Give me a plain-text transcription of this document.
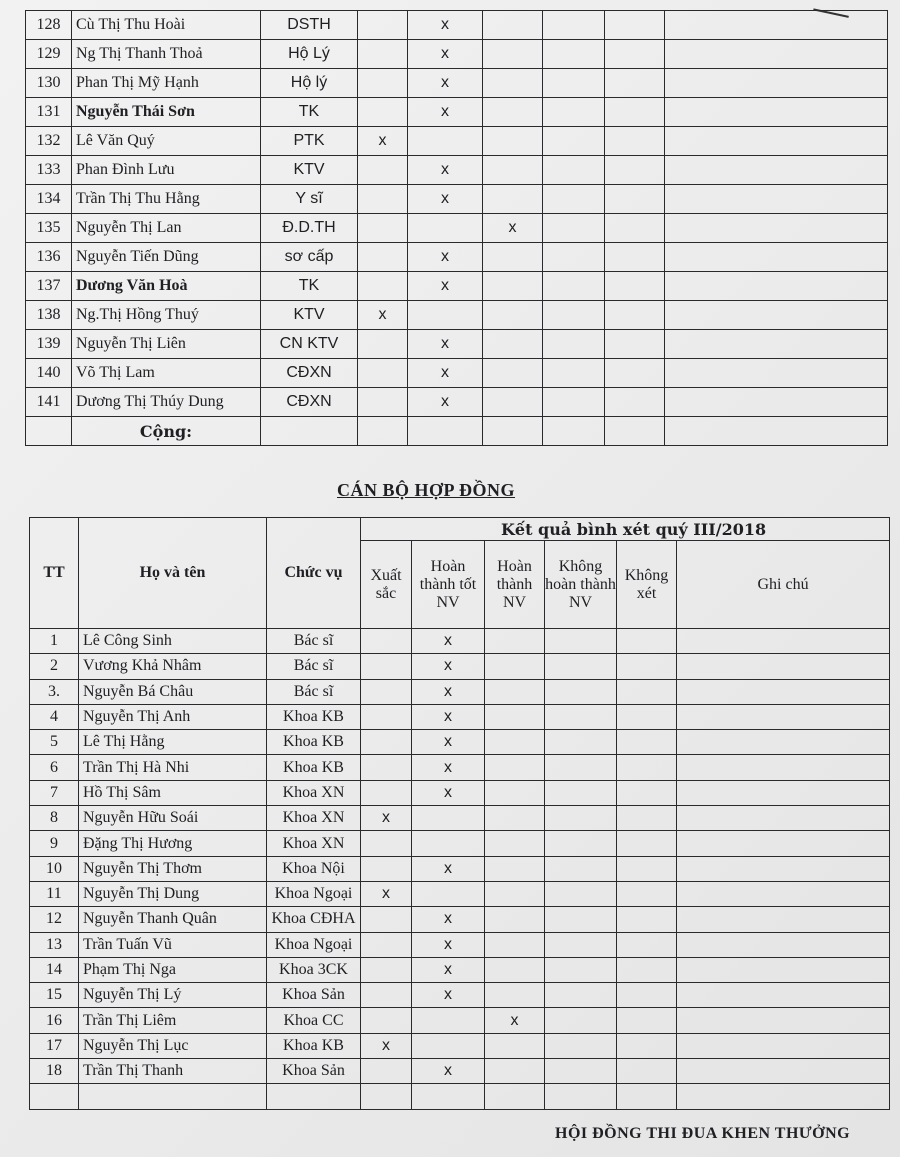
128	Cù Thị Thu Hoài	DSTH		x				
129	Ng Thị Thanh Thoả	Hộ Lý		x				
130	Phan Thị Mỹ Hạnh	Hộ lý		x				
131	Nguyễn Thái Sơn	TK		x				
132	Lê Văn Quý	PTK	x					
133	Phan Đình Lưu	KTV		x				
134	Trần Thị Thu Hằng	Y sĩ		x				
135	Nguyễn Thị Lan	Đ.D.TH			x			
136	Nguyễn Tiến Dũng	sơ cấp		x				
137	Dương Văn Hoà	TK		x				
138	Ng.Thị Hồng Thuý	KTV	x					
139	Nguyễn Thị Liên	CN KTV		x				
140	Võ Thị Lam	CĐXN		x				
141	Dương Thị Thúy Dung	CĐXN		x				
	Cộng:							
CÁN BỘ HỢP ĐỒNG
TT	Họ và tên	Chức vụ	Kết quả bình xét quý III/2018					
			Xuất sắc	Hoàn thành tốt NV	Hoàn thành NV	Không hoàn thành NV	Không xét	Ghi chú
1	Lê Công Sinh	Bác sĩ		x				
2	Vương Khả Nhâm	Bác sĩ		x				
3.	Nguyễn Bá Châu	Bác sĩ		x				
4	Nguyễn Thị Anh	Khoa KB		x				
5	Lê Thị Hằng	Khoa KB		x				
6	Trần Thị Hà Nhi	Khoa KB		x				
7	Hồ Thị Sâm	Khoa XN		x				
8	Nguyễn Hữu Soái	Khoa XN	x					
9	Đặng Thị Hương	Khoa XN						
10	Nguyễn Thị Thơm	Khoa Nội		x				
11	Nguyễn Thị Dung	Khoa Ngoại	x					
12	Nguyễn Thanh Quân	Khoa CĐHA		x				
13	Trần Tuấn Vũ	Khoa Ngoại		x				
14	Phạm Thị Nga	Khoa 3CK		x				
15	Nguyễn Thị Lý	Khoa Sản		x				
16	Trần Thị Liêm	Khoa CC			x			
17	Nguyễn Thị Lục	Khoa KB	x					
18	Trần Thị Thanh	Khoa Sản		x				

HỘI ĐỒNG THI ĐUA KHEN THƯỞNG
